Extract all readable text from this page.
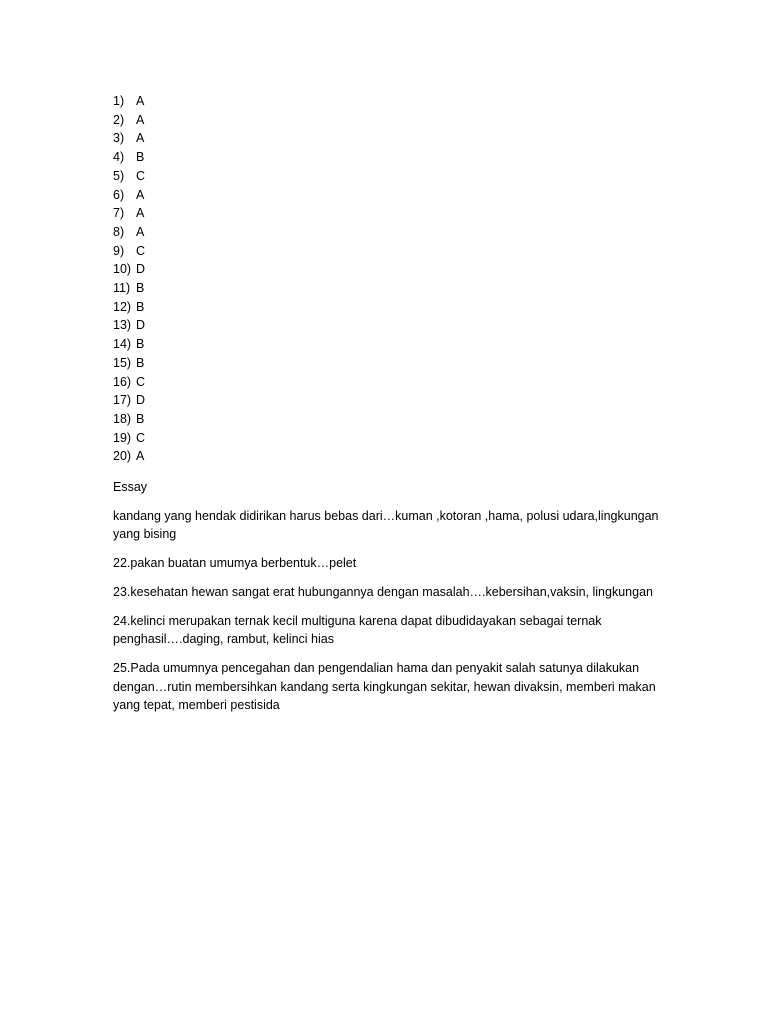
1) A
2) A
3) A
4) B
5) C
6) A
7) A
8) A
9) C
10) D
11) B
12) B
13) D
14) B
15) B
16) C
17) D
18) B
19) C
20) A

Essay

kandang yang hendak didirikan harus bebas dari…kuman ,kotoran ,hama, polusi udara,lingkungan yang bising

22.pakan buatan umumya berbentuk…pelet

23.kesehatan hewan sangat erat hubungannya dengan masalah….kebersihan,vaksin, lingkungan

24.kelinci merupakan ternak kecil multiguna karena dapat dibudidayakan sebagai ternak penghasil….daging, rambut, kelinci hias

25.Pada umumnya pencegahan dan pengendalian hama dan penyakit salah satunya dilakukan dengan…rutin membersihkan kandang serta kingkungan sekitar, hewan divaksin, memberi makan yang tepat, memberi pestisida
